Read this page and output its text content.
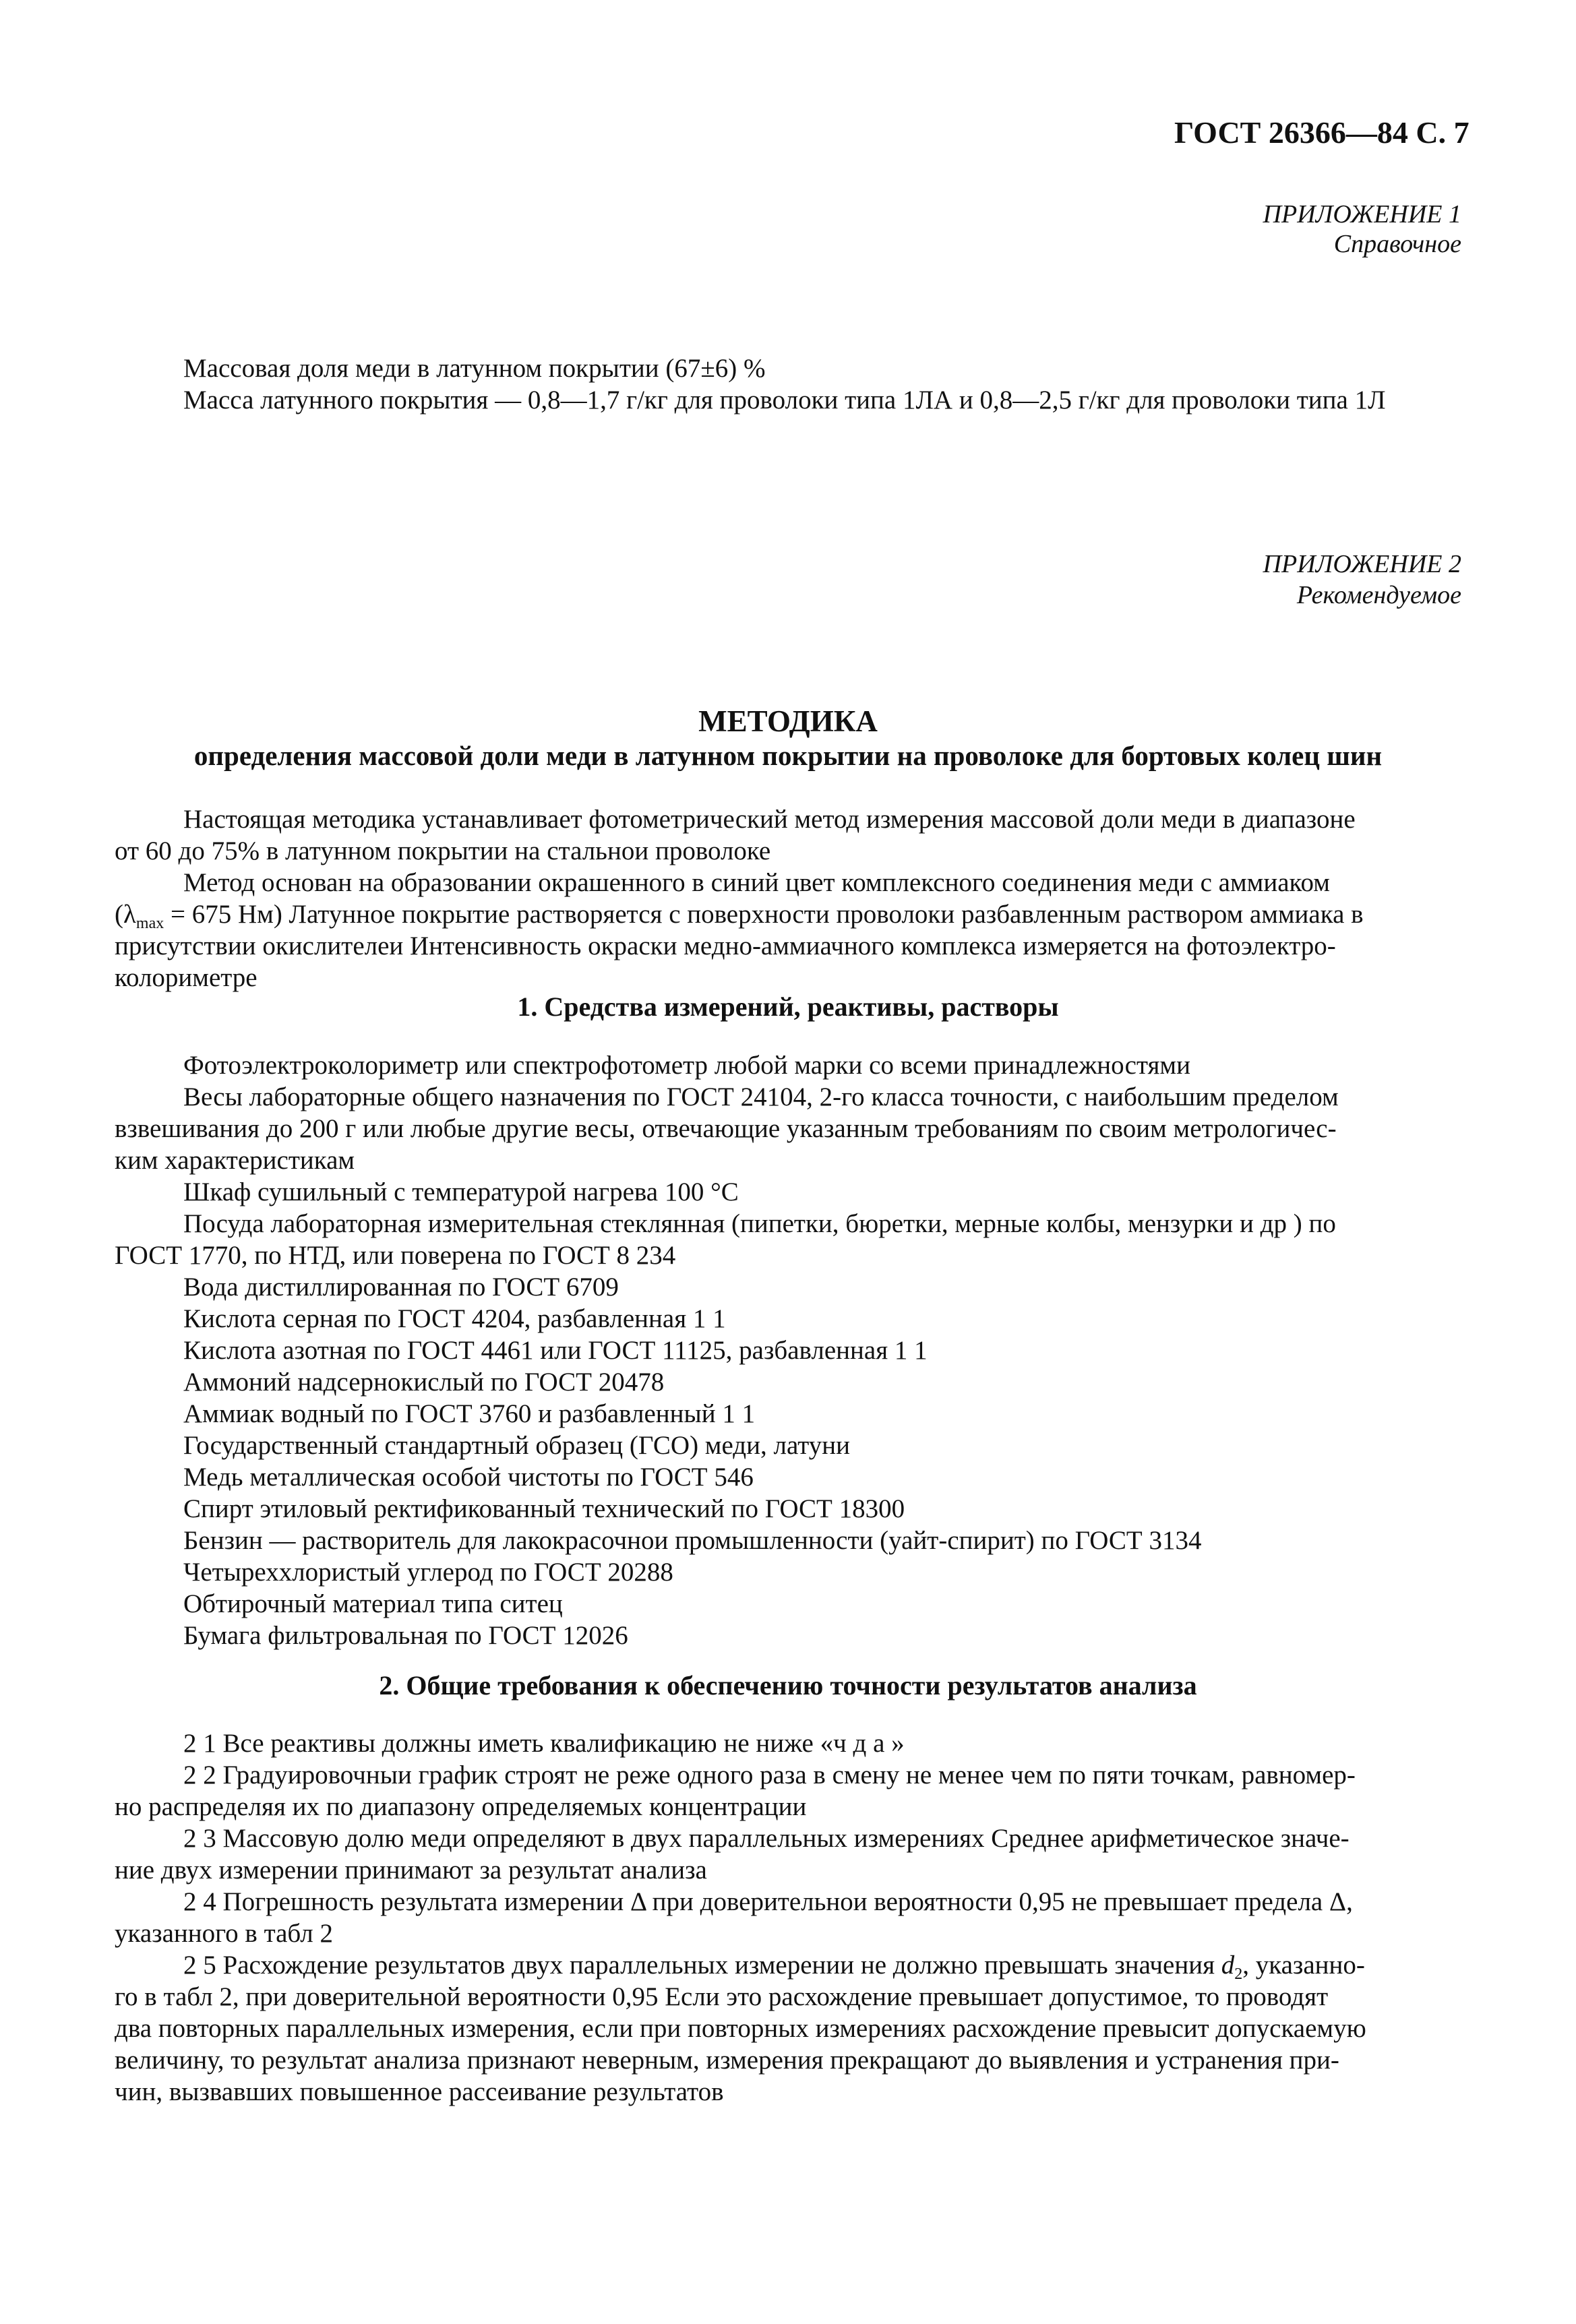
ГОСТ 26366—84 С. 7
ПРИЛОЖЕНИЕ 1
Справочное
Массовая доля меди в латунном покрытии (67±6) %
Масса латунного покрытия — 0,8—1,7 г/кг для проволоки типа 1ЛА и 0,8—2,5 г/кг для проволоки типа 1Л
ПРИЛОЖЕНИЕ 2
Рекомендуемое
МЕТОДИКА
определения массовой доли меди в латунном покрытии на проволоке для бортовых колец шин
Настоящая методика устанавливает фотометрический метод измерения массовой доли меди в диапазоне
от 60 до 75% в латунном покрытии на стальнои проволоке
Метод основан на образовании окрашенного в синий цвет комплексного соединения меди с аммиаком
($\lambda_{max} = 675$ Нм) Латунное покрытие растворяется с поверхности проволоки разбавленным раствором аммиака в
присутствии окислителеи Интенсивность окраски медно-аммиачного комплекса измеряется на фотоэлектро-
колориметре
1. Средства измерений, реактивы, растворы
Фотоэлектроколориметр или спектрофотометр любой марки со всеми принадлежностями
Весы лабораторные общего назначения по ГОСТ 24104, 2-го класса точности, с наибольшим пределом
взвешивания до 200 г или любые другие весы, отвечающие указанным требованиям по своим метрологичес-
ким характеристикам
Шкаф сушильный с температурой нагрева 100 °С
Посуда лабораторная измерительная стеклянная (пипетки, бюретки, мерные колбы, мензурки и др ) по
ГОСТ 1770, по НТД, или поверена по ГОСТ 8 234
Вода дистиллированная по ГОСТ 6709
Кислота серная по ГОСТ 4204, разбавленная 1 1
Кислота азотная по ГОСТ 4461 или ГОСТ 11125, разбавленная 1 1
Аммоний надсернокислый по ГОСТ 20478
Аммиак водный по ГОСТ 3760 и разбавленный 1 1
Государственный стандартный образец (ГСО) меди, латуни
Медь металлическая особой чистоты по ГОСТ 546
Спирт этиловый ректификованный технический по ГОСТ 18300
Бензин — растворитель для лакокрасочнои промышленности (уайт-спирит) по ГОСТ 3134
Четыреххлористый углерод по ГОСТ 20288
Обтирочный материал типа ситец
Бумага фильтровальная по ГОСТ 12026
2. Общие требования к обеспечению точности результатов анализа
2 1 Все реактивы должны иметь квалификацию не ниже «ч д а »
2 2 Градуировочныи график строят не реже одного раза в смену не менее чем по пяти точкам, равномер-
но распределяя их по диапазону определяемых концентрации
2 3 Массовую долю меди определяют в двух параллельных измерениях Среднее арифметическое значе-
ние двух измерении принимают за результат анализа
2 4 Погрешность результата измерении Δ при доверительнои вероятности 0,95 не превышает предела Δ,
указанного в табл 2
2 5 Расхождение результатов двух параллельных измерении не должно превышать значения $d_2$, указанно-
го в табл 2, при доверительной вероятности 0,95 Если это расхождение превышает допустимое, то проводят
два повторных параллельных измерения, если при повторных измерениях расхождение превысит допускаемую
величину, то результат анализа признают неверным, измерения прекращают до выявления и устранения при-
чин, вызвавших повышенное рассеивание результатов
